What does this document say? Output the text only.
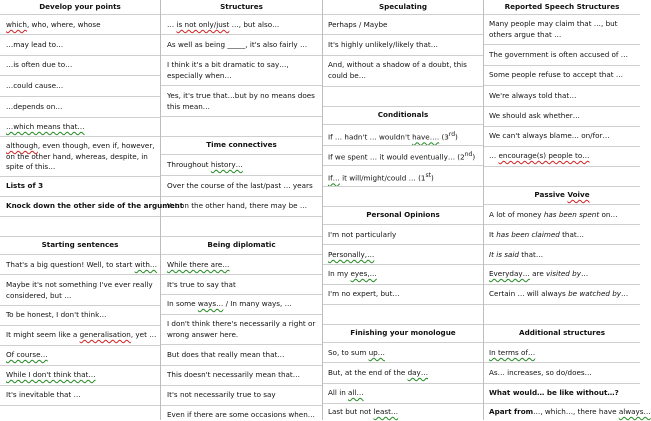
Develop your points
which, who, where, whose
…may lead to…
…is often due to…
…could cause…
…depends on…
…which means that…
although, even though, even if, however, on the other hand, whereas, despite, in spite of this…
Lists of 3
Knock down the other side of the argument
Starting sentences
That's a big question! Well, to start with…
Maybe it's not something I've ever really considered, but …
To be honest, I don't think…
It might seem like a generalisation, yet …
Of course…
While I don't think that…
It's inevitable that …
Structures
… is not only/just …, but also…
As well as being _____, it's also fairly …
I think it's a bit dramatic to say…, especially when…
Yes, it's true that…but by no means does this mean…
Time connectives
Throughout history…
Over the course of the last/past … years
Yet on the other hand, there may be …
Being diplomatic
While there are…
It's true to say that
In some ways… / In many ways, …
I don't think there's necessarily a right or wrong answer here.
But does that really mean that…
This doesn't necessarily mean that…
It's not necessarily true to say
Even if there are some occasions when…
Speculating
Perhaps / Maybe
It's highly unlikely/likely that…
And, without a shadow of a doubt, this could be…
Conditionals
If … hadn't … wouldn't have…. (3rd)
If we spent … it would eventually… (2nd)
If… it will/might/could … (1st)
Personal Opinions
I'm not particularly
Personally,…
In my eyes,…
I'm no expert, but…
Finishing your monologue
So, to sum up…
But, at the end of the day…
All in all…
Last but not least…
Reported Speech Structures
Many people may claim that …, but others argue that …
The government is often accused of …
Some people refuse to accept that …
We're always told that…
We should ask whether…
We can't always blame… on/for…
… encourage(s) people to…
Passive Voive
A lot of money has been spent on…
It has been claimed that…
It is said that…
Everyday… are visited by…
Certain … will always be watched by…
Additional structures
In terms of…
As… increases, so do/does…
What would… be like without…?
Apart from…, which…, there have always…
